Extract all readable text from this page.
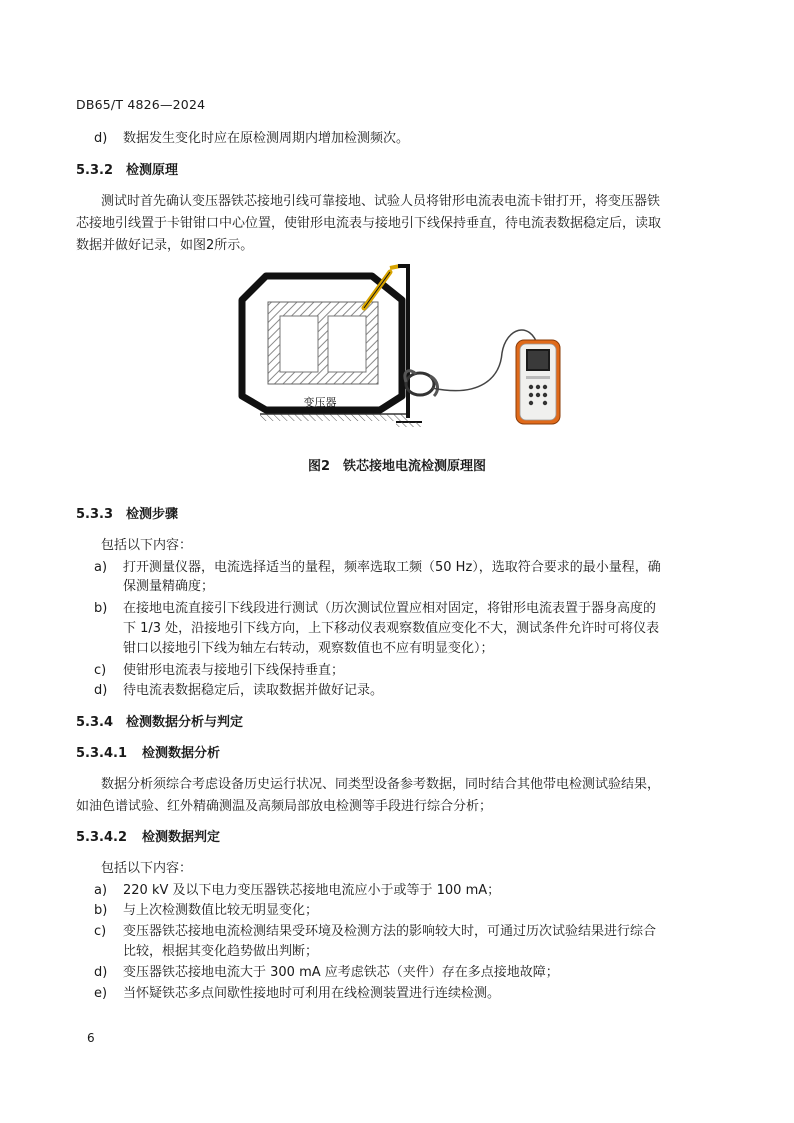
DB65/T 4826—2024
d) 数据发生变化时应在原检测周期内增加检测频次。
5.3.2 检测原理
测试时首先确认变压器铁芯接地引线可靠接地、试验人员将钳形电流表电流卡钳打开，将变压器铁
芯接地引线置于卡钳钳口中心位置，使钳形电流表与接地引下线保持垂直，待电流表数据稳定后，读取
数据并做好记录，如图2所示。
变压器
图2　铁芯接地电流检测原理图
5.3.3 检测步骤
包括以下内容：
a) 打开测量仪器，电流选择适当的量程，频率选取工频（50 Hz），选取符合要求的最小量程，确
保测量精确度；
b) 在接地电流直接引下线段进行测试（历次测试位置应相对固定，将钳形电流表置于器身高度的
下 1/3 处，沿接地引下线方向，上下移动仪表观察数值应变化不大，测试条件允许时可将仪表
钳口以接地引下线为轴左右转动，观察数值也不应有明显变化）；
c) 使钳形电流表与接地引下线保持垂直；
d) 待电流表数据稳定后，读取数据并做好记录。
5.3.4 检测数据分析与判定
5.3.4.1 检测数据分析
数据分析须综合考虑设备历史运行状况、同类型设备参考数据，同时结合其他带电检测试验结果，
如油色谱试验、红外精确测温及高频局部放电检测等手段进行综合分析；
5.3.4.2 检测数据判定
包括以下内容：
a) 220 kV 及以下电力变压器铁芯接地电流应小于或等于 100 mA；
b) 与上次检测数值比较无明显变化；
c) 变压器铁芯接地电流检测结果受环境及检测方法的影响较大时，可通过历次试验结果进行综合
比较，根据其变化趋势做出判断；
d) 变压器铁芯接地电流大于 300 mA 应考虑铁芯（夹件）存在多点接地故障；
e) 当怀疑铁芯多点间歇性接地时可利用在线检测装置进行连续检测。
6
